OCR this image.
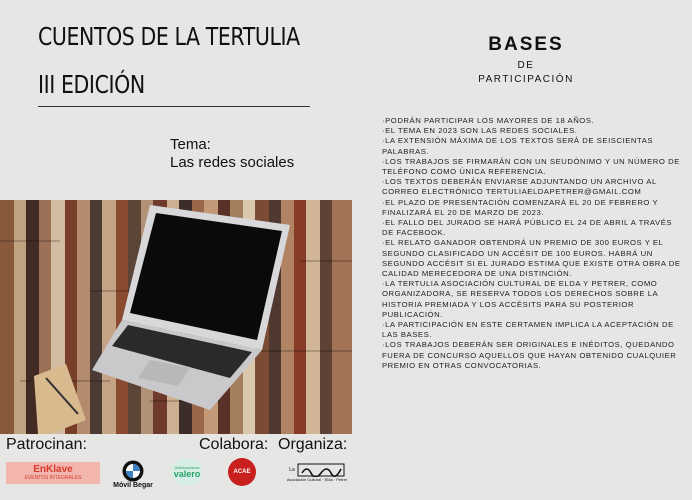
CUENTOS DE LA TERTULIA
III EDICIÓN
Tema:
Las redes sociales
Patrocinan:	Colabora: Organiza:
EnKlave
EVENTOS INTEGRALES
Móvil Begar
Distribuciones
valero	ACAE	La
Asociación Cultural · Elda · Petrer
BASES
DE
PARTICIPACIÓN
·PODRÁN PARTICIPAR LOS MAYORES DE 18 AÑOS.
·EL TEMA EN 2023 SON LAS REDES SOCIALES.
·LA EXTENSIÓN MÁXIMA DE LOS TEXTOS SERÁ DE SEISCIENTAS PALABRAS.
·LOS TRABAJOS SE FIRMARÁN CON UN SEUDÓNIMO Y UN NÚMERO DE TELÉFONO COMO ÚNICA REFERENCIA.
·LOS TEXTOS DEBERÁN ENVIARSE ADJUNTANDO UN ARCHIVO AL CORREO ELECTRÓNICO TERTULIAELDAPETRER@GMAIL.COM
·EL PLAZO DE PRESENTACIÓN COMENZARÁ EL 20 DE FEBRERO Y FINALIZARÁ EL 20 DE MARZO DE 2023.
·EL FALLO DEL JURADO SE HARÁ PÚBLICO EL 24 DE ABRIL A TRAVÉS DE FACEBOOK.
·EL RELATO GANADOR OBTENDRÁ UN PREMIO DE 300 EUROS Y EL SEGUNDO CLASIFICADO UN ACCÉSIT DE 100 EUROS. HABRÁ UN SEGUNDO ACCÉSIT SI EL JURADO ESTIMA QUE EXISTE OTRA OBRA DE CALIDAD MERECEDORA DE UNA DISTINCIÓN.
·LA TERTULIA ASOCIACIÓN CULTURAL DE ELDA Y PETRER, COMO ORGANIZADORA, SE RESERVA TODOS LOS DERECHOS SOBRE LA HISTORIA PREMIADA Y LOS ACCÉSITS PARA SU POSTERIOR PUBLICACIÓN.
·LA PARTICIPACIÓN EN ESTE CERTAMEN IMPLICA LA ACEPTACIÓN DE LAS BASES.
·LOS TRABAJOS DEBERÁN SER ORIGINALES E INÉDITOS, QUEDANDO FUERA DE CONCURSO AQUELLOS QUE HAYAN OBTENIDO CUALQUIER PREMIO EN OTRAS CONVOCATORIAS.
